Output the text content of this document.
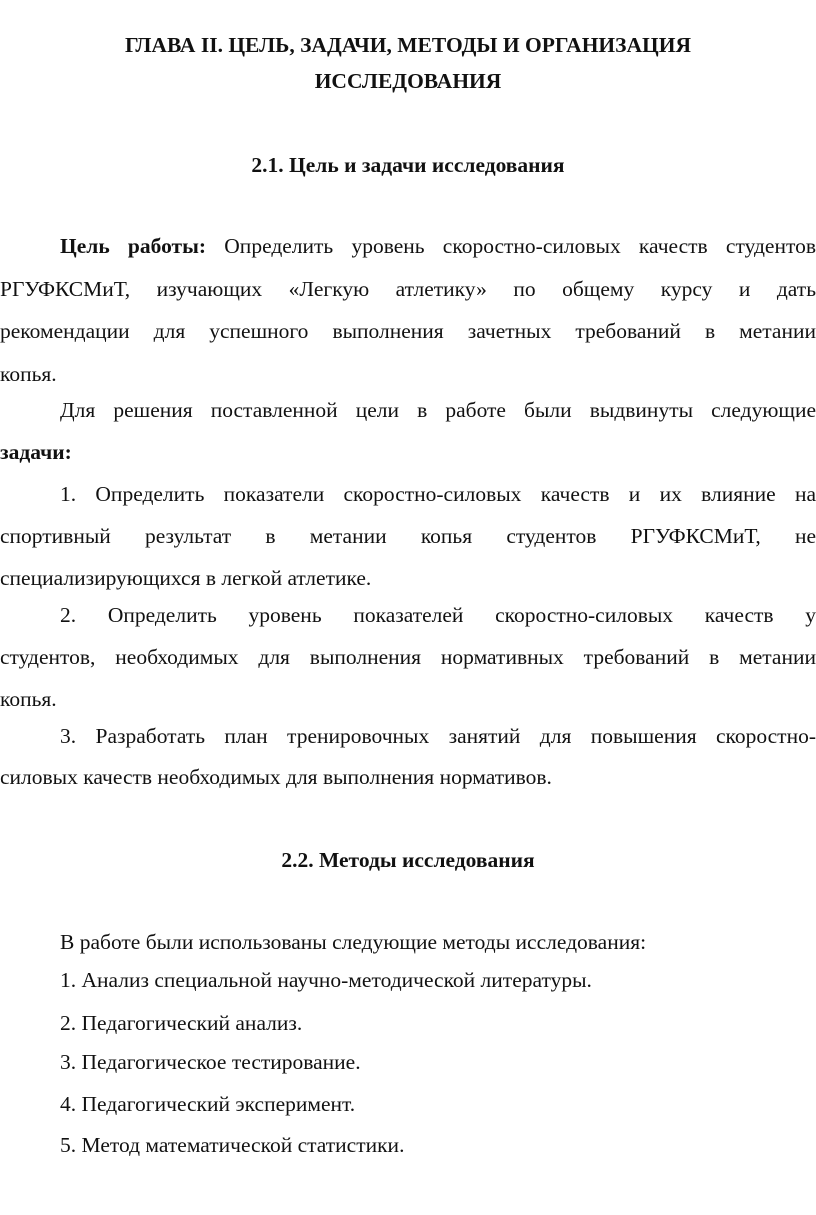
ГЛАВА II. ЦЕЛЬ, ЗАДАЧИ, МЕТОДЫ И ОРГАНИЗАЦИЯ
ИССЛЕДОВАНИЯ
2.1. Цель и задачи исследования
Цель работы: Определить уровень скоростно-силовых качеств студентов
РГУФКСМиТ, изучающих «Легкую атлетику» по общему курсу и дать
рекомендации для успешного выполнения зачетных требований в метании
копья.
Для решения поставленной цели в работе были выдвинуты следующие
задачи:
1. Определить показатели скоростно-силовых качеств и их влияние на
спортивный результат в метании копья студентов РГУФКСМиТ, не
специализирующихся в легкой атлетике.
2. Определить уровень показателей скоростно-силовых качеств у
студентов, необходимых для выполнения нормативных требований в метании
копья.
3. Разработать план тренировочных занятий для повышения скоростно-
силовых качеств необходимых для выполнения нормативов.
2.2. Методы исследования
В работе были использованы следующие методы исследования:
1. Анализ специальной научно-методической литературы.
2. Педагогический анализ.
3. Педагогическое тестирование.
4. Педагогический эксперимент.
5. Метод математической статистики.
